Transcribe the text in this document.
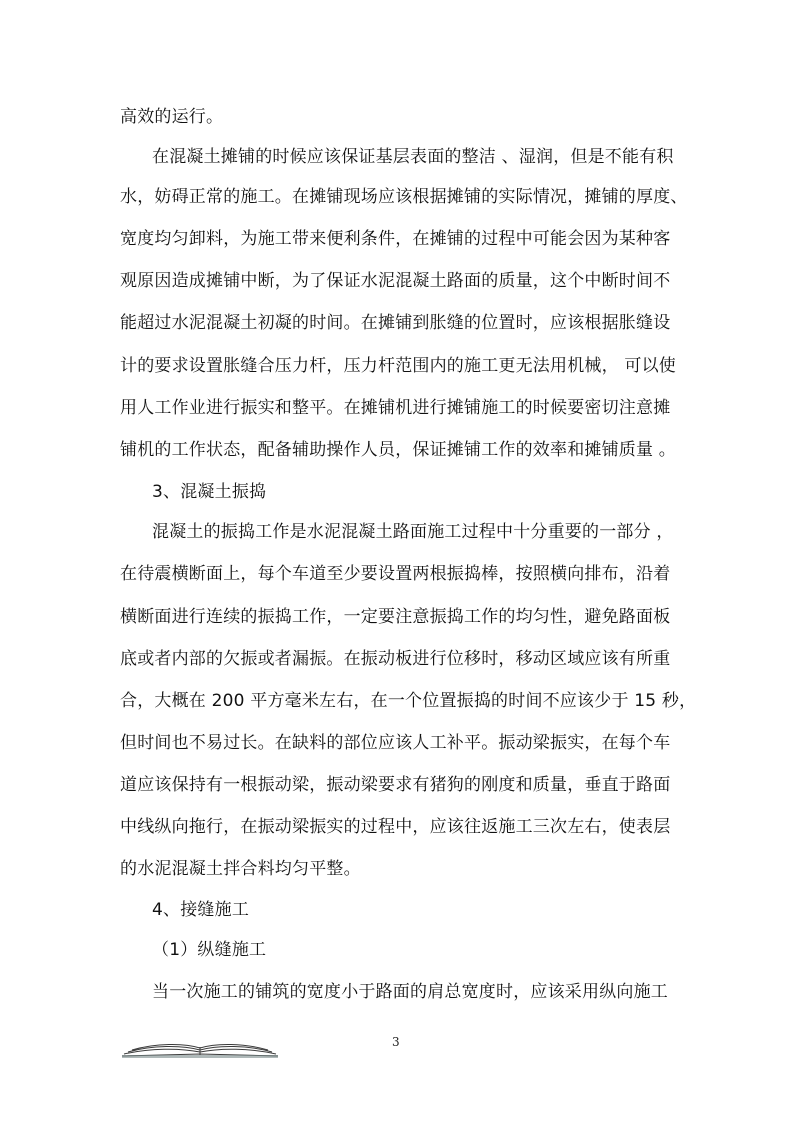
高效的运行。
在混凝土摊铺的时候应该保证基层表面的整洁 、湿润，但是不能有积
水，妨碍正常的施工。在摊铺现场应该根据摊铺的实际情况，摊铺的厚度、
宽度均匀卸料，为施工带来便利条件，在摊铺的过程中可能会因为某种客
观原因造成摊铺中断，为了保证水泥混凝土路面的质量，这个中断时间不
能超过水泥混凝土初凝的时间。在摊铺到胀缝的位置时，应该根据胀缝设
计的要求设置胀缝合压力杆，压力杆范围内的施工更无法用机械， 可以使
用人工作业进行振实和整平。在摊铺机进行摊铺施工的时候要密切注意摊
铺机的工作状态，配备辅助操作人员，保证摊铺工作的效率和摊铺质量 。
3、混凝土振捣
混凝土的振捣工作是水泥混凝土路面施工过程中十分重要的一部分 ，
在待震横断面上，每个车道至少要设置两根振捣棒，按照横向排布，沿着
横断面进行连续的振捣工作，一定要注意振捣工作的均匀性，避免路面板
底或者内部的欠振或者漏振。在振动板进行位移时，移动区域应该有所重
合，大概在 200 平方毫米左右，在一个位置振捣的时间不应该少于 15 秒，
但时间也不易过长。在缺料的部位应该人工补平。振动梁振实，在每个车
道应该保持有一根振动梁，振动梁要求有猪狗的刚度和质量，垂直于路面
中线纵向拖行，在振动梁振实的过程中，应该往返施工三次左右，使表层
的水泥混凝土拌合料均匀平整。
4、接缝施工
（1）纵缝施工
当一次施工的铺筑的宽度小于路面的肩总宽度时，应该采用纵向施工
3
